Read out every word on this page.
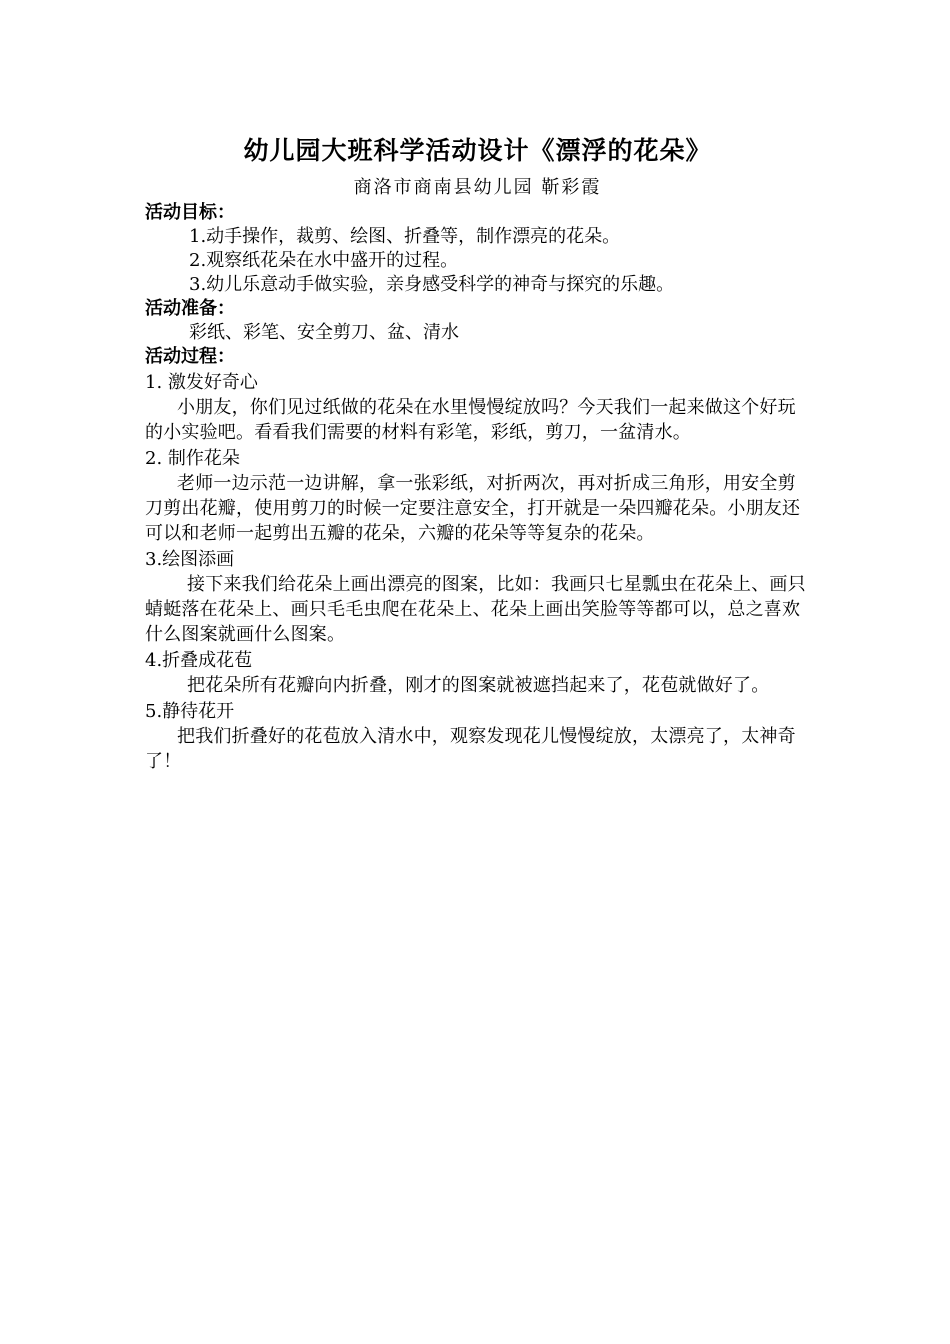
幼儿园大班科学活动设计《漂浮的花朵》

商洛市商南县幼儿园 靳彩霞

活动目标：

1.动手操作，裁剪、绘图、折叠等，制作漂亮的花朵。

2.观察纸花朵在水中盛开的过程。

3.幼儿乐意动手做实验，亲身感受科学的神奇与探究的乐趣。

活动准备：

彩纸、彩笔、安全剪刀、盆、清水

活动过程：

1. 激发好奇心

小朋友，你们见过纸做的花朵在水里慢慢绽放吗？今天我们一起来做这个好玩的小实验吧。看看我们需要的材料有彩笔，彩纸，剪刀，一盆清水。

2. 制作花朵

老师一边示范一边讲解，拿一张彩纸，对折两次，再对折成三角形，用安全剪刀剪出花瓣，使用剪刀的时候一定要注意安全，打开就是一朵四瓣花朵。小朋友还可以和老师一起剪出五瓣的花朵，六瓣的花朵等等复杂的花朵。

3.绘图添画

接下来我们给花朵上画出漂亮的图案，比如：我画只七星瓢虫在花朵上、画只蜻蜓落在花朵上、画只毛毛虫爬在花朵上、花朵上画出笑脸等等都可以，总之喜欢什么图案就画什么图案。

4.折叠成花苞

把花朵所有花瓣向内折叠，刚才的图案就被遮挡起来了，花苞就做好了。

5.静待花开

把我们折叠好的花苞放入清水中，观察发现花儿慢慢绽放，太漂亮了，太神奇了！
